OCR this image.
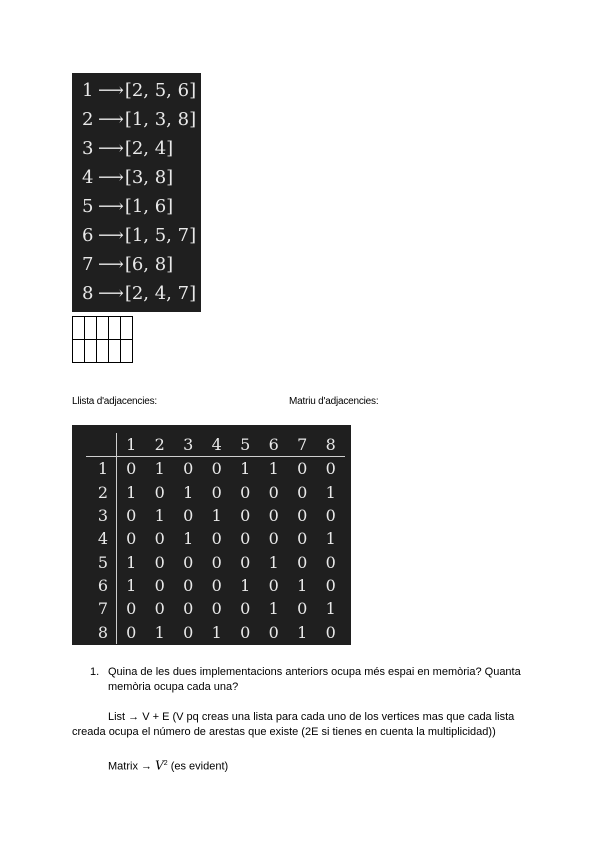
1 ⟶ [2, 5, 6]
2 ⟶ [1, 3, 8]
3 ⟶ [2, 4]
4 ⟶ [3, 8]
5 ⟶ [1, 6]
6 ⟶ [1, 5, 7]
7 ⟶ [6, 8]
8 ⟶ [2, 4, 7]

Llista d'adjacencies:	Matriu d'adjacencies:
	1	2	3	4	5	6	7	8
1	0	1	0	0	1	1	0	0
2	1	0	1	0	0	0	0	1
3	0	1	0	1	0	0	0	0
4	0	0	1	0	0	0	0	1
5	1	0	0	0	0	1	0	0
6	1	0	0	0	1	0	1	0
7	0	0	0	0	0	1	0	1
8	0	1	0	1	0	0	1	0
1. Quina de les dues implementacions anteriors ocupa més espai en memòria? Quanta memòria ocupa cada una?
List → V + E (V pq creas una lista para cada uno de los vertices mas que cada lista
creada ocupa el número de arestas que existe (2E si tienes en cuenta la multiplicidad))
Matrix → $V^2$ (es evident)
